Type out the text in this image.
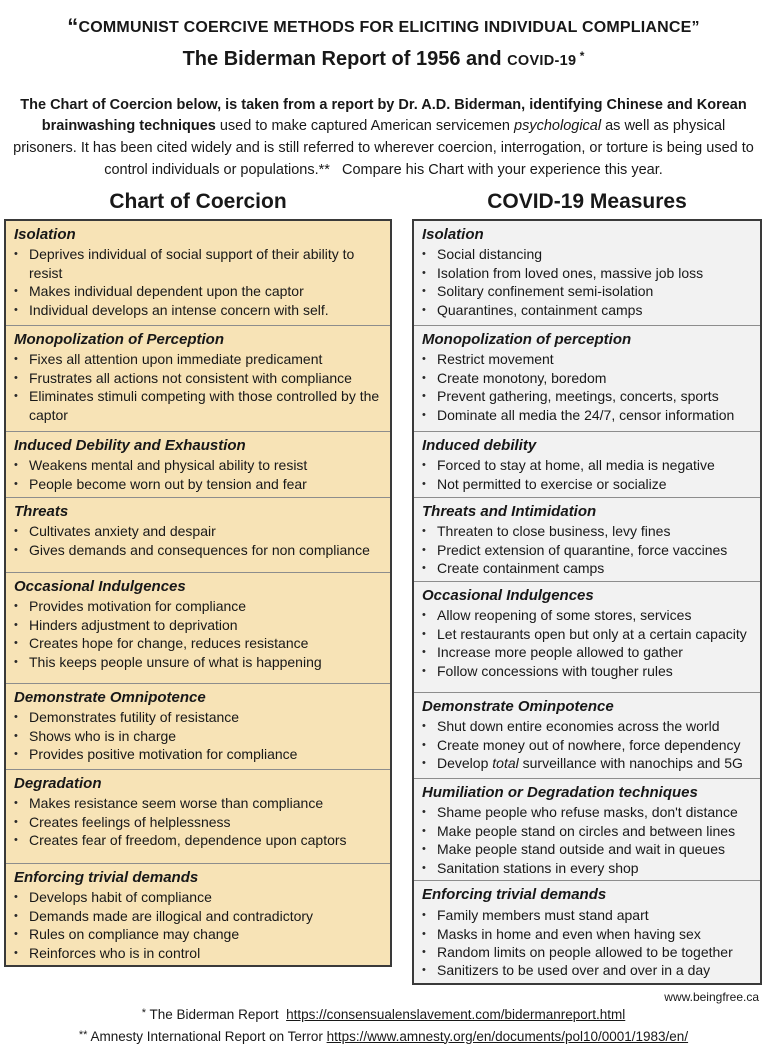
“COMMUNIST COERCIVE METHODS FOR ELICITING INDIVIDUAL COMPLIANCE”
The Biderman Report of 1956 and COVID-19 *
The Chart of Coercion below, is taken from a report by Dr. A.D. Biderman, identifying Chinese and Korean brainwashing techniques used to make captured American servicemen psychological as well as physical prisoners. It has been cited widely and is still referred to wherever coercion, interrogation, or torture is being used to control individuals or populations.**   Compare his Chart with your experience this year.
Chart of Coercion
Isolation
• Deprives individual of social support of their ability to resist
• Makes individual dependent upon the captor
• Individual develops an intense concern with self.
Monopolization of Perception
• Fixes all attention upon immediate predicament
• Frustrates all actions not consistent with compliance
• Eliminates stimuli competing with those controlled by the captor
Induced Debility and Exhaustion
• Weakens mental and physical ability to resist
• People become worn out by tension and fear
Threats
• Cultivates anxiety and despair
• Gives demands and consequences for non compliance
Occasional Indulgences
• Provides motivation for compliance
• Hinders adjustment to deprivation
• Creates hope for change, reduces resistance
• This keeps people unsure of what is happening
Demonstrate Omnipotence
• Demonstrates futility of resistance
• Shows who is in charge
• Provides positive motivation for compliance
Degradation
• Makes resistance seem worse than compliance
• Creates feelings of helplessness
• Creates fear of freedom, dependence upon captors
Enforcing trivial demands
• Develops habit of compliance
• Demands made are illogical and contradictory
• Rules on compliance may change
• Reinforces who is in control
COVID-19 Measures
Isolation
• Social distancing
• Isolation from loved ones, massive job loss
• Solitary confinement semi-isolation
• Quarantines, containment camps
Monopolization of perception
• Restrict movement
• Create monotony, boredom
• Prevent gathering, meetings, concerts, sports
• Dominate all media the 24/7, censor information
Induced debility
• Forced to stay at home, all media is negative
• Not permitted to exercise or socialize
Threats and Intimidation
• Threaten to close business, levy fines
• Predict extension of quarantine, force vaccines
• Create containment camps
Occasional Indulgences
• Allow reopening of some stores, services
• Let restaurants open but only at a certain capacity
• Increase more people allowed to gather
• Follow concessions with tougher rules
Demonstrate Ominpotence
• Shut down entire economies across the world
• Create money out of nowhere, force dependency
• Develop total surveillance with nanochips and 5G
Humiliation or Degradation techniques
• Shame people who refuse masks, don't distance
• Make people stand on circles and between lines
• Make people stand outside and wait in queues
• Sanitation stations in every shop
Enforcing trivial demands
• Family members must stand apart
• Masks in home and even when having sex
• Random limits on people allowed to be together
• Sanitizers to be used over and over in a day
www.beingfree.ca
* The Biderman Report  https://consensualenslavement.com/bidermanreport.html
** Amnesty International Report on Terror https://www.amnesty.org/en/documents/pol10/0001/1983/en/
